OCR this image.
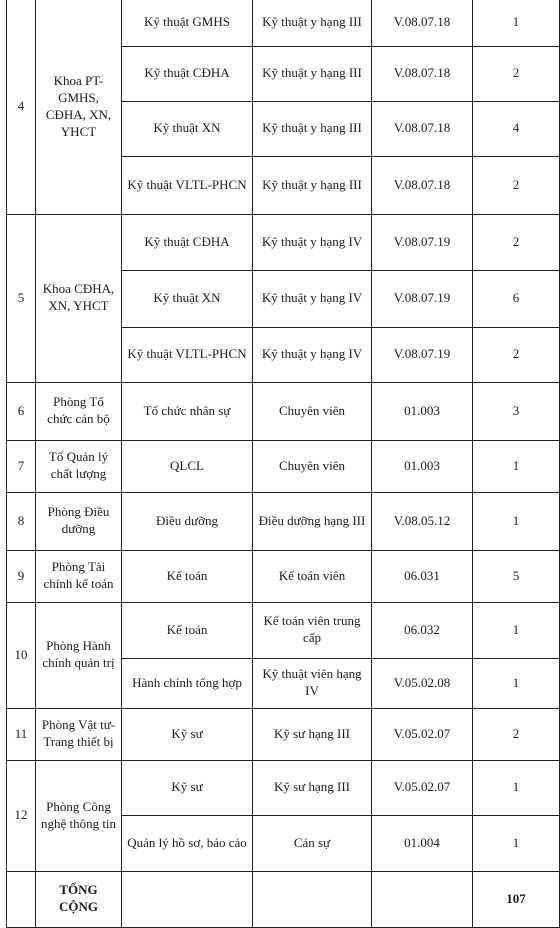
4	Khoa PT-GMHS, CĐHA, XN, YHCT	Kỹ thuật GMHS	Kỹ thuật y hạng III	V.08.07.18	1
		Kỹ thuật CĐHA	Kỹ thuật y hạng III	V.08.07.18	2
		Kỹ thuật XN	Kỹ thuật y hạng III	V.08.07.18	4
		Kỹ thuật VLTL-PHCN	Kỹ thuật y hạng III	V.08.07.18	2
5	Khoa CĐHA, XN, YHCT	Kỹ thuật CĐHA	Kỹ thuật y hạng IV	V.08.07.19	2
		Kỹ thuật XN	Kỹ thuật y hạng IV	V.08.07.19	6
		Kỹ thuật VLTL-PHCN	Kỹ thuật y hạng IV	V.08.07.19	2
6	Phòng Tổ chức cán bộ	Tổ chức nhân sự	Chuyên viên	01.003	3
7	Tổ Quản lý chất lượng	QLCL	Chuyên viên	01.003	1
8	Phòng Điều dưỡng	Điều dưỡng	Điều dưỡng hạng III	V.08.05.12	1
9	Phòng Tài chính kế toán	Kế toán	Kế toán viên	06.031	5
10	Phòng Hành chính quản trị	Kế toán	Kế toán viên trung cấp	06.032	1
		Hành chính tổng hợp	Kỹ thuật viên hạng IV	V.05.02.08	1
11	Phòng Vật tư-Trang thiết bị	Kỹ sư	Kỹ sư hạng III	V.05.02.07	2
12	Phòng Công nghệ thông tin	Kỹ sư	Kỹ sư hạng III	V.05.02.07	1
		Quản lý hồ sơ, báo cáo	Cán sự	01.004	1
	TỔNG CỘNG				107
